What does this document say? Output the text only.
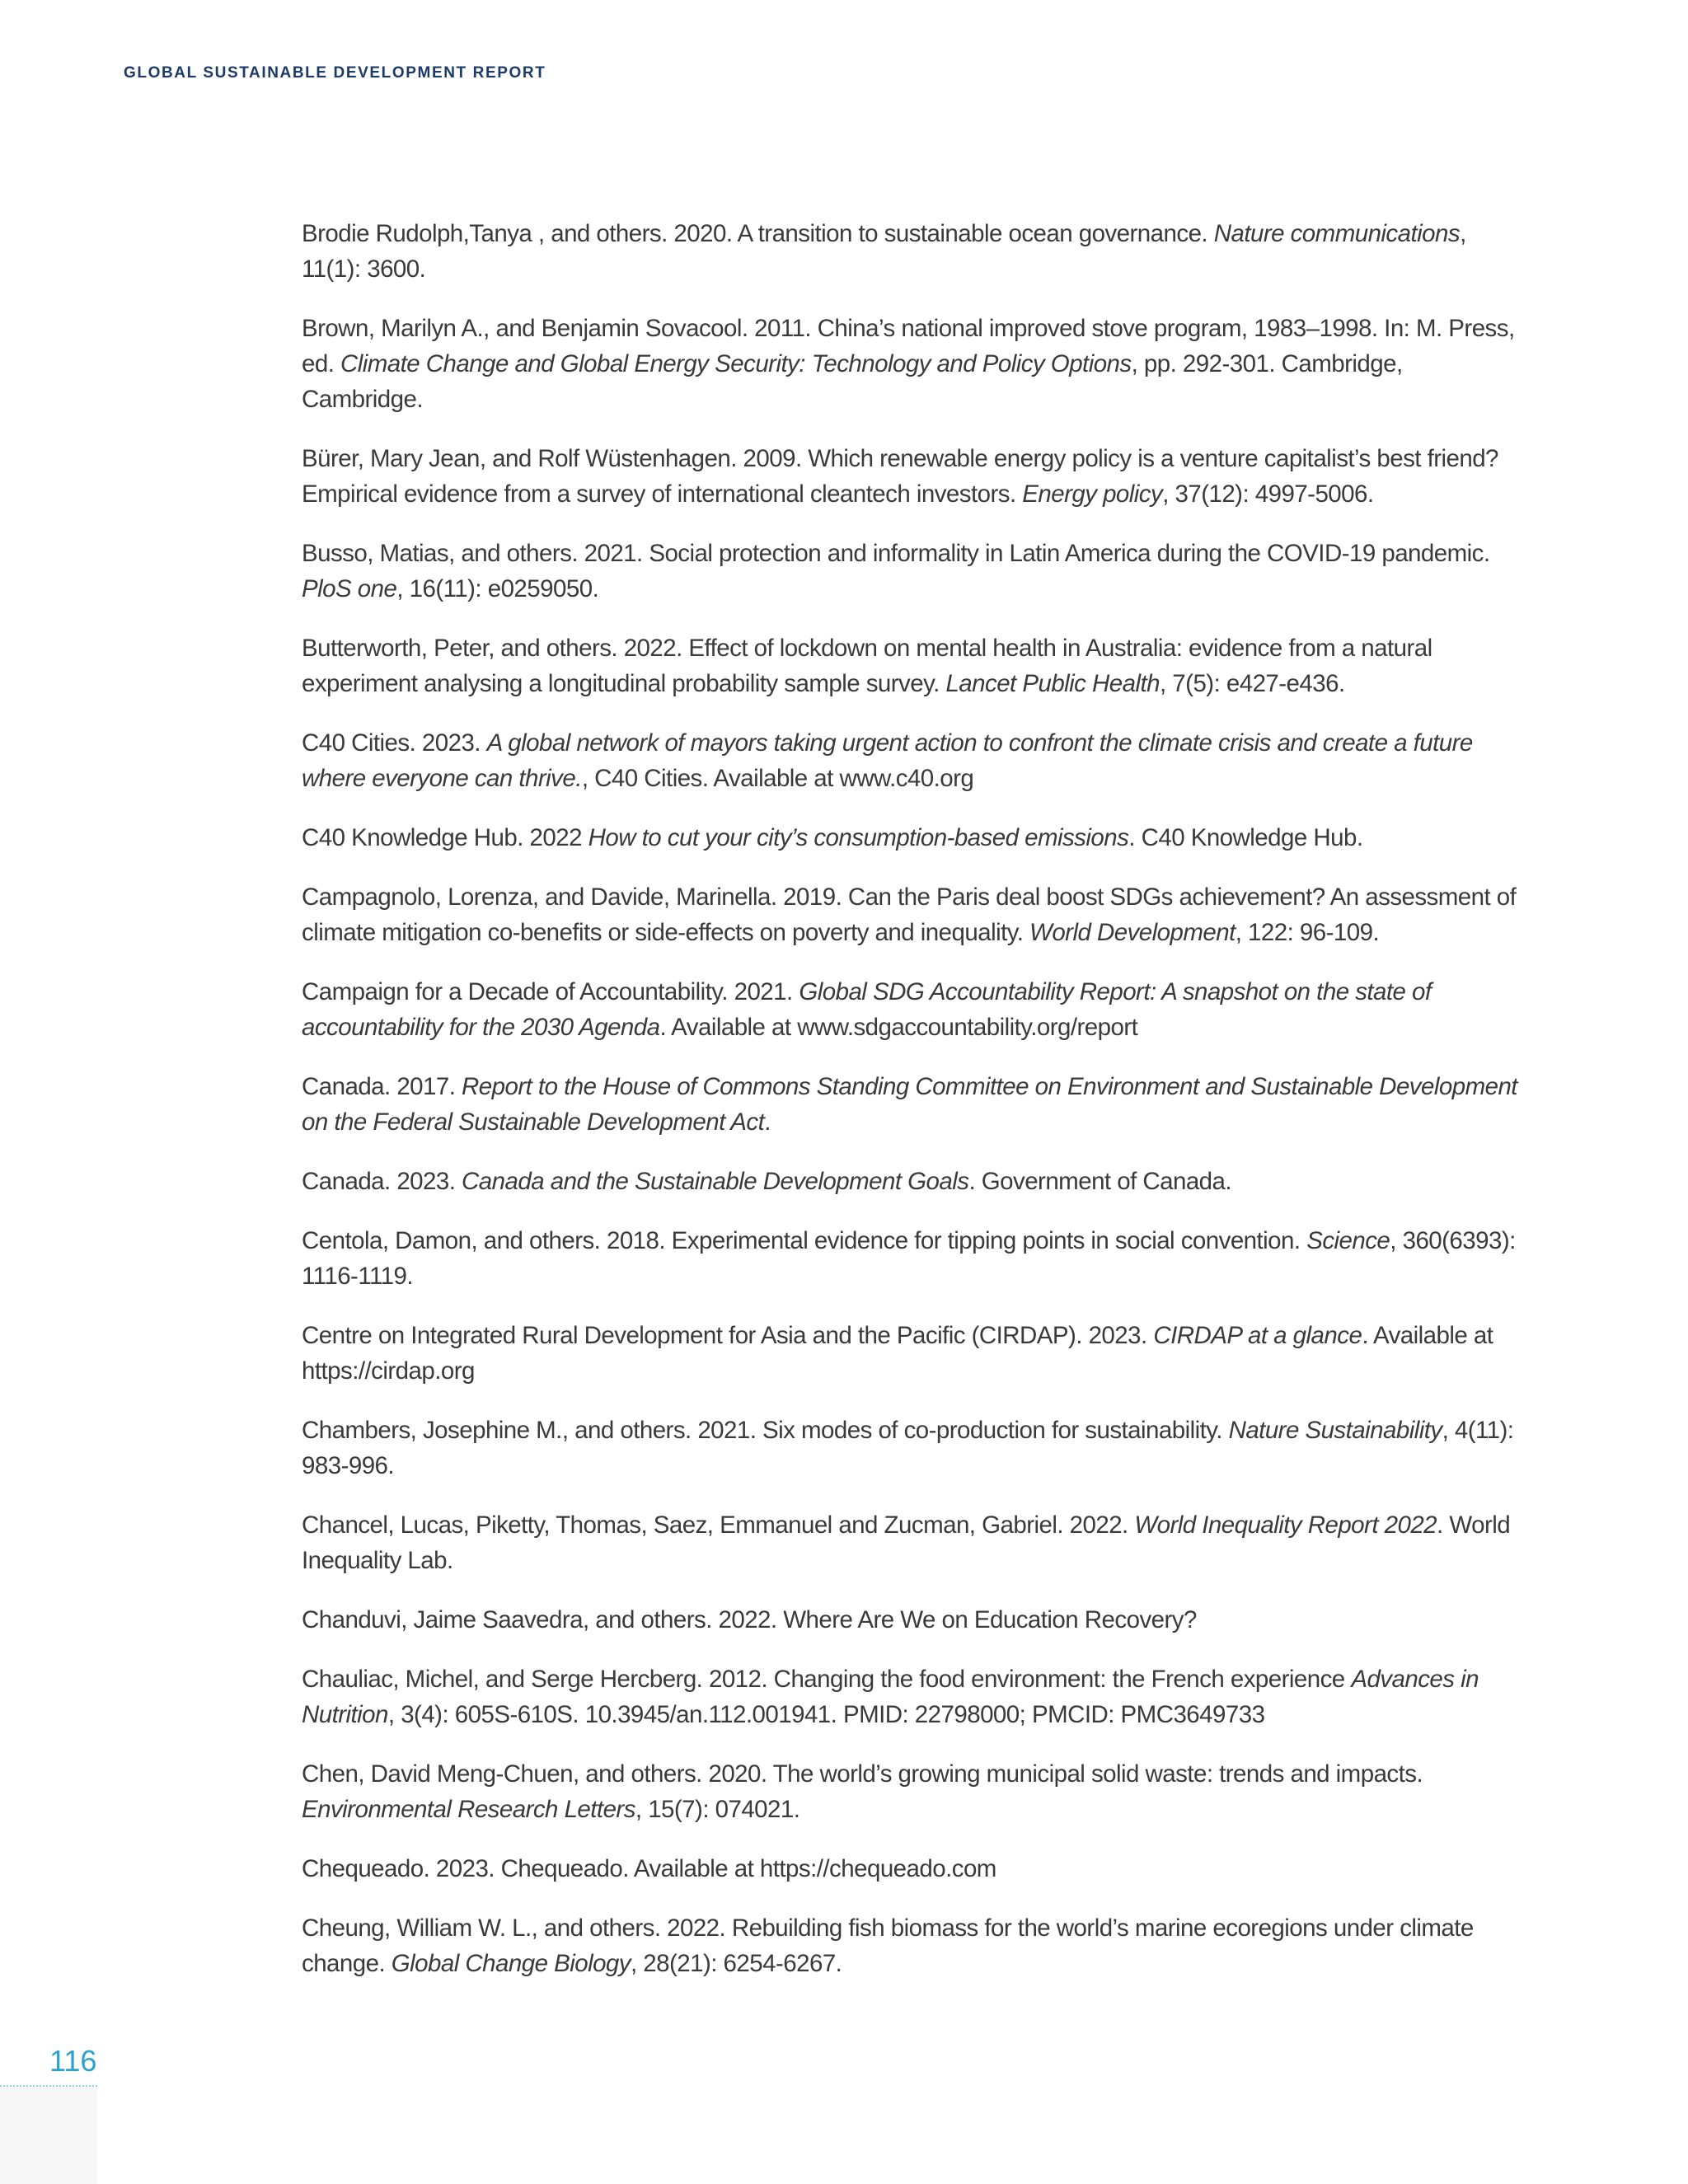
GLOBAL SUSTAINABLE DEVELOPMENT REPORT

Brodie Rudolph,Tanya , and others. 2020. A transition to sustainable ocean governance. Nature communications, 11(1): 3600.

Brown, Marilyn A., and Benjamin Sovacool. 2011. China’s national improved stove program, 1983–1998. In: M. Press, ed. Climate Change and Global Energy Security: Technology and Policy Options, pp. 292-301. Cambridge, Cambridge.

Bürer, Mary Jean, and Rolf Wüstenhagen. 2009. Which renewable energy policy is a venture capitalist’s best friend? Empirical evidence from a survey of international cleantech investors. Energy policy, 37(12): 4997-5006.

Busso, Matias, and others. 2021. Social protection and informality in Latin America during the COVID-19 pandemic. PloS one, 16(11): e0259050.

Butterworth, Peter, and others. 2022. Effect of lockdown on mental health in Australia: evidence from a natural experiment analysing a longitudinal probability sample survey. Lancet Public Health, 7(5): e427-e436.

C40 Cities. 2023. A global network of mayors taking urgent action to confront the climate crisis and create a future where everyone can thrive., C40 Cities. Available at www.c40.org

C40 Knowledge Hub. 2022 How to cut your city’s consumption-based emissions. C40 Knowledge Hub.

Campagnolo, Lorenza, and Davide, Marinella. 2019. Can the Paris deal boost SDGs achievement? An assessment of climate mitigation co-benefits or side-effects on poverty and inequality. World Development, 122: 96-109.

Campaign for a Decade of Accountability. 2021. Global SDG Accountability Report: A snapshot on the state of accountability for the 2030 Agenda. Available at www.sdgaccountability.org/report

Canada. 2017. Report to the House of Commons Standing Committee on Environment and Sustainable Development on the Federal Sustainable Development Act.

Canada. 2023. Canada and the Sustainable Development Goals. Government of Canada.

Centola, Damon, and others. 2018. Experimental evidence for tipping points in social convention. Science, 360(6393): 1116-1119.

Centre on Integrated Rural Development for Asia and the Pacific (CIRDAP). 2023. CIRDAP at a glance. Available at https://cirdap.org

Chambers, Josephine M., and others. 2021. Six modes of co-production for sustainability. Nature Sustainability, 4(11): 983-996.

Chancel, Lucas, Piketty, Thomas, Saez, Emmanuel and Zucman, Gabriel. 2022. World Inequality Report 2022. World Inequality Lab.

Chanduvi, Jaime Saavedra, and others. 2022. Where Are We on Education Recovery?

Chauliac, Michel, and Serge Hercberg. 2012. Changing the food environment: the French experience Advances in Nutrition, 3(4): 605S-610S. 10.3945/an.112.001941. PMID: 22798000; PMCID: PMC3649733

Chen, David Meng-Chuen, and others. 2020. The world’s growing municipal solid waste: trends and impacts. Environmental Research Letters, 15(7): 074021.

Chequeado. 2023. Chequeado. Available at https://chequeado.com

Cheung, William W. L., and others. 2022. Rebuilding fish biomass for the world’s marine ecoregions under climate change. Global Change Biology, 28(21): 6254-6267.

116
